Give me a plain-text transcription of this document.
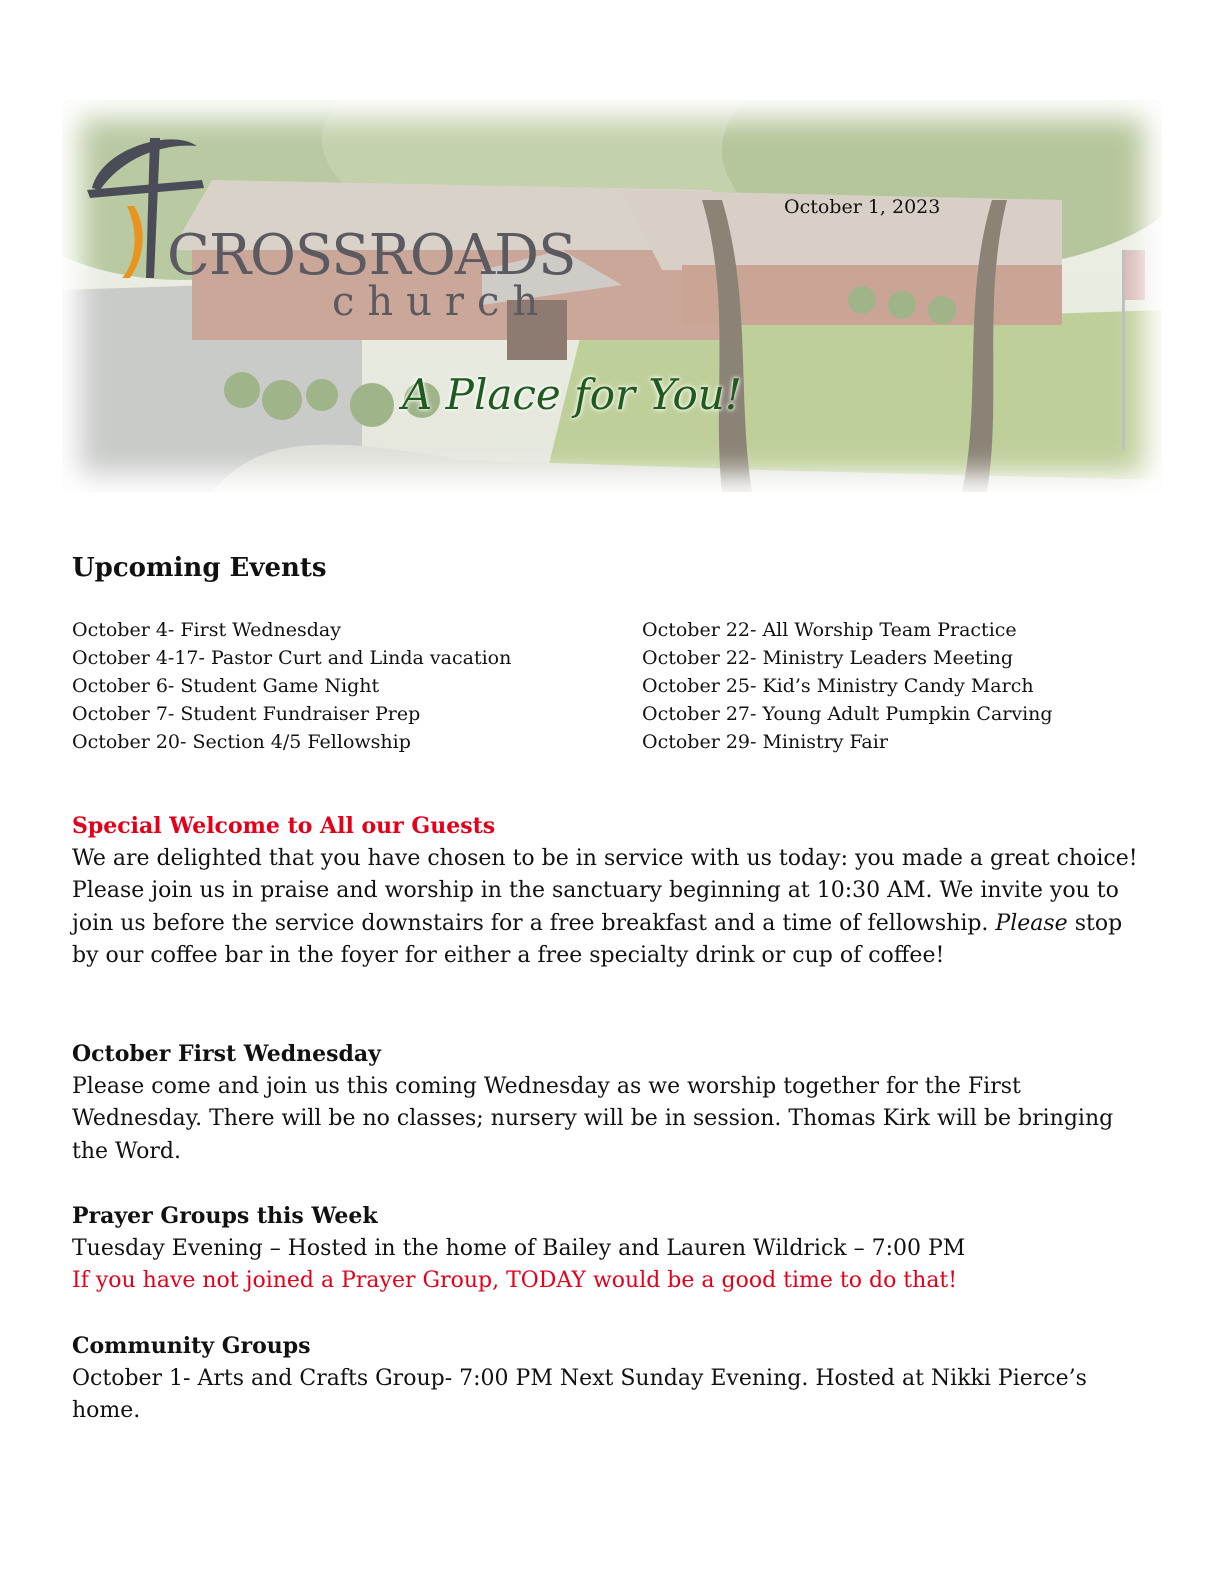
CROSSROADS
church
October 1, 2023
A Place for You!
Upcoming Events
October 4- First Wednesday
October 4-17- Pastor Curt and Linda vacation
October 6- Student Game Night
October 7- Student Fundraiser Prep
October 20- Section 4/5 Fellowship
October 22- All Worship Team Practice
October 22- Ministry Leaders Meeting
October 25- Kid’s Ministry Candy March
October 27- Young Adult Pumpkin Carving
October 29- Ministry Fair
Special Welcome to All our Guests

We are delighted that you have chosen to be in service with us today: you made a great choice! Please join us in praise and worship in the sanctuary beginning at 10:30 AM. We invite you to join us before the service downstairs for a free breakfast and a time of fellowship. Please stop by our coffee bar in the foyer for either a free specialty drink or cup of coffee!

October First Wednesday

Please come and join us this coming Wednesday as we worship together for the First Wednesday. There will be no classes; nursery will be in session. Thomas Kirk will be bringing the Word.

Prayer Groups this Week

Tuesday Evening – Hosted in the home of Bailey and Lauren Wildrick – 7:00 PM

If you have not joined a Prayer Group, TODAY would be a good time to do that!

Community Groups

October 1- Arts and Crafts Group- 7:00 PM Next Sunday Evening. Hosted at Nikki Pierce’s home.
